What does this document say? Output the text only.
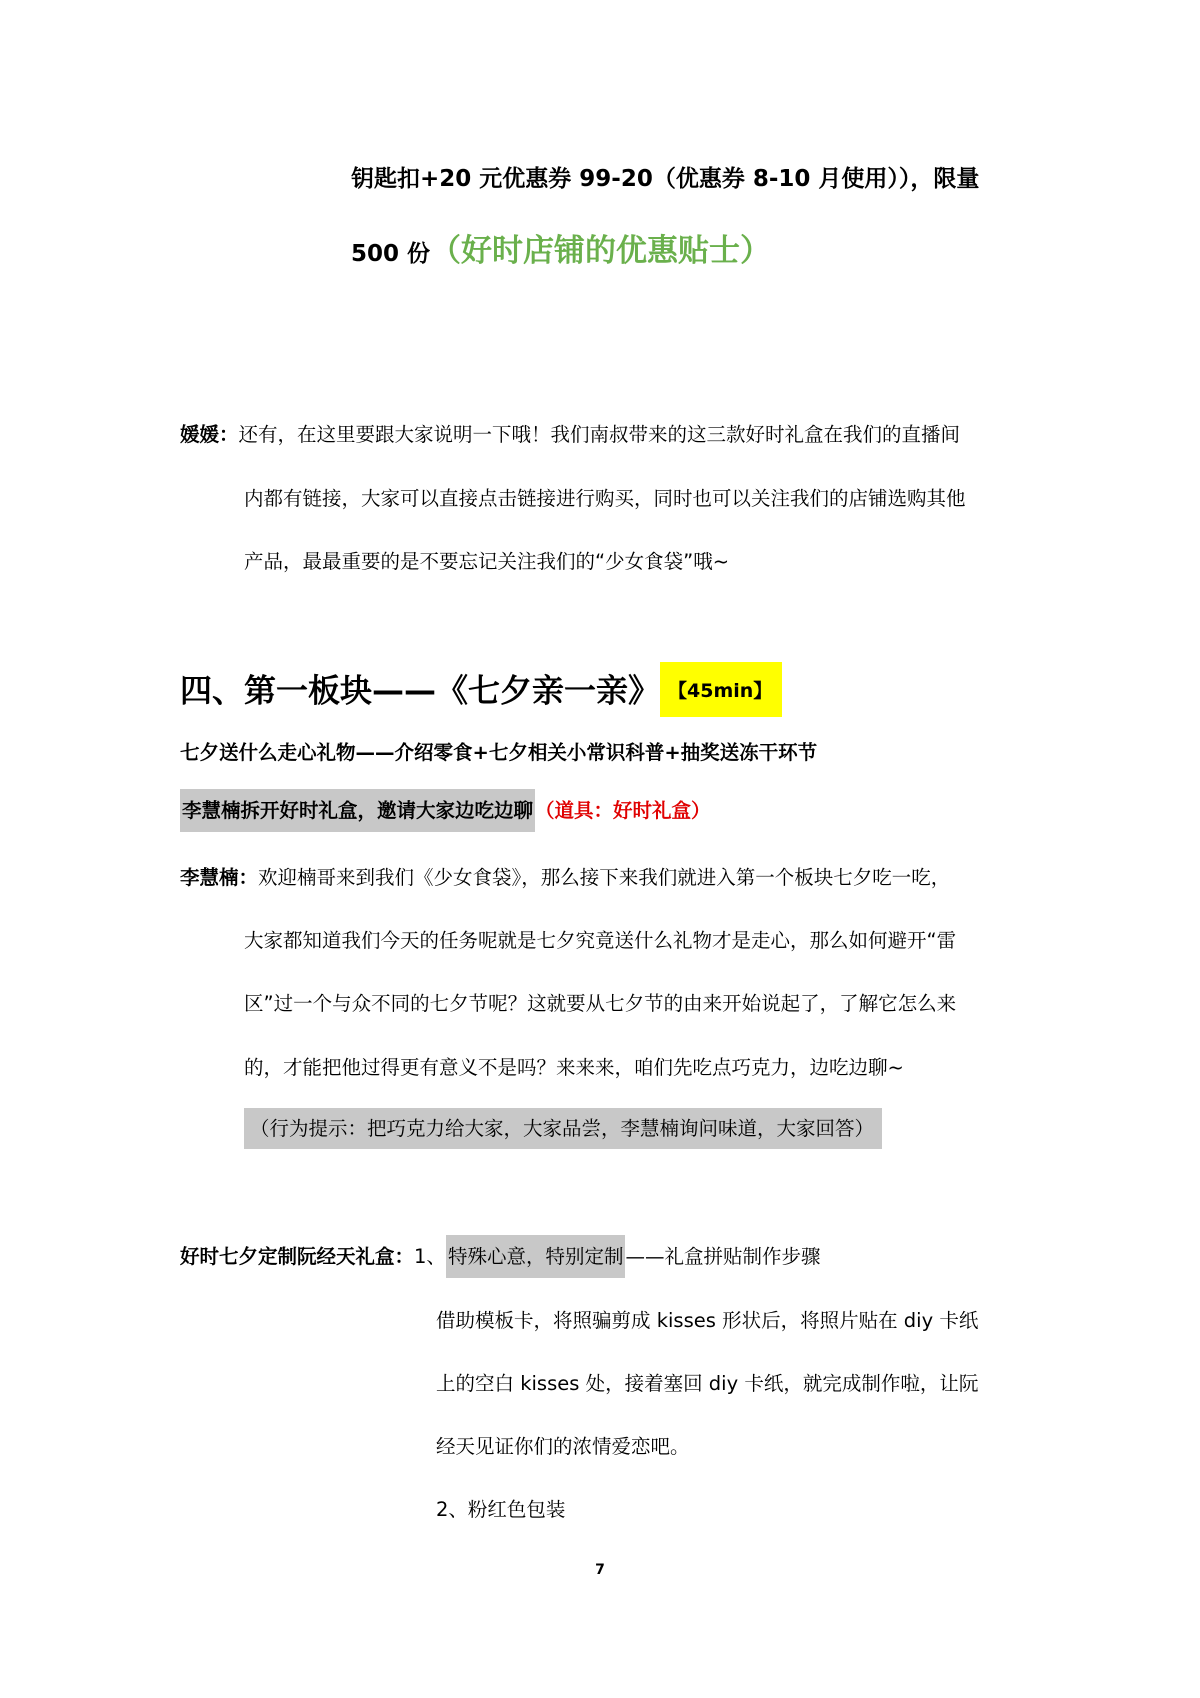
钥匙扣+20 元优惠券 99-20（优惠券 8-10 月使用）），限量
500 份（好时店铺的优惠贴士）
媛媛：还有，在这里要跟大家说明一下哦！我们南叔带来的这三款好时礼盒在我们的直播间
内都有链接，大家可以直接点击链接进行购买，同时也可以关注我们的店铺选购其他
产品，最最重要的是不要忘记关注我们的“少女食袋”哦~
四、第一板块——《七夕亲一亲》 【45min】
七夕送什么走心礼物——介绍零食+七夕相关小常识科普+抽奖送冻干环节
李慧楠拆开好时礼盒，邀请大家边吃边聊 （道具：好时礼盒）
李慧楠：欢迎楠哥来到我们《少女食袋》，那么接下来我们就进入第一个板块七夕吃一吃，
大家都知道我们今天的任务呢就是七夕究竟送什么礼物才是走心，那么如何避开“雷
区”过一个与众不同的七夕节呢？这就要从七夕节的由来开始说起了，了解它怎么来
的，才能把他过得更有意义不是吗？来来来，咱们先吃点巧克力，边吃边聊~
（行为提示：把巧克力给大家，大家品尝，李慧楠询问味道，大家回答）
好时七夕定制阮经天礼盒：1、 特殊心意，特别定制 ——礼盒拼贴制作步骤
借助模板卡，将照骗剪成 kisses 形状后，将照片贴在 diy 卡纸
上的空白 kisses 处，接着塞回 diy 卡纸，就完成制作啦，让阮
经天见证你们的浓情爱恋吧。
2、粉红色包装
7
